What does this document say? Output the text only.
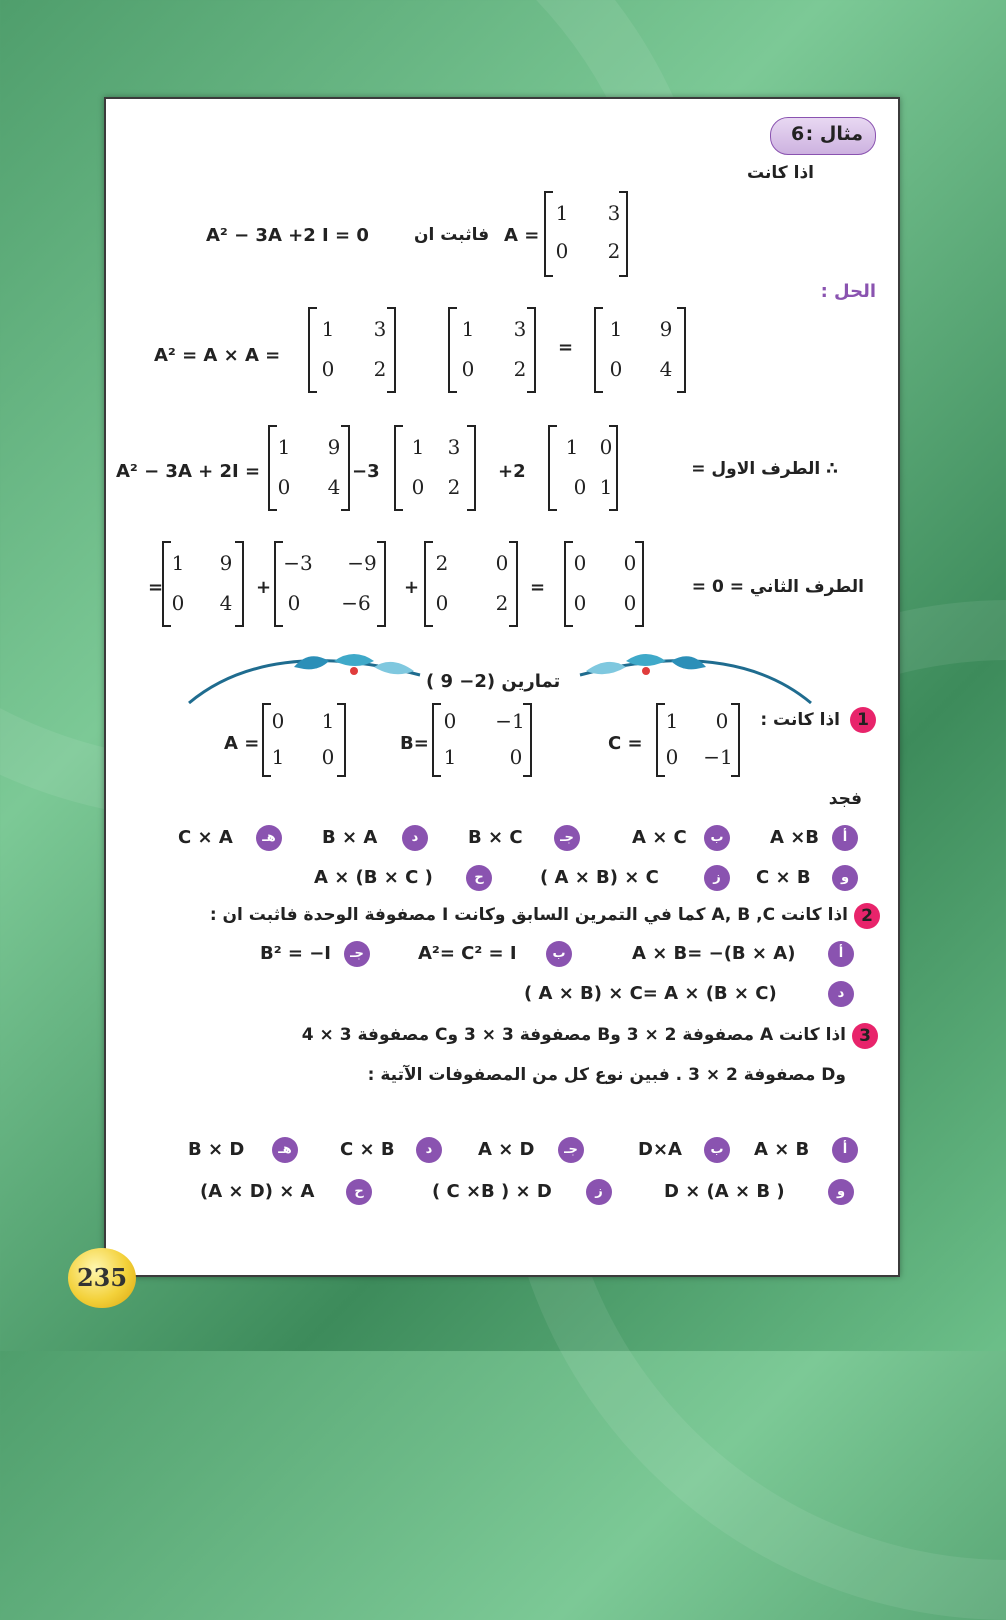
مثال :
6
اذا كانت
A² − 3A +2 I = 0	فاثبت ان A =
1 3
0 2
الحل :
A² = A × A =
1 3
0 2
1 3
0 2
=
1 9
0 4
A² − 3A + 2I =
1 9
0 4
−3
1 3
0 2
+2
1 0
0 1
∴ الطرف الاول =
=
1 9
0 4
+
−3 −9
0 −6
+
2 0
0 2
=
0 0
0 0
الطرف الثاني = 0 =
تمارين (2− 9 )
1
اذا كانت :
A =
0 1
1 0
B=
0 −1
1	0
C =
1 0
0 −1
فجد
أ
A ×B
ب
A × C
جـ
B × C
د
B × A
هـ
C × A
و
C × B
ز
( A × B) × C
ح
A × (B × C )
2
اذا كانت A, B ,C كما في التمرين السابق وكانت I مصفوفة الوحدة فاثبت ان :
أ
A × B= −(B × A)
ب
A²= C² = I
جـ
B² = −I
د
( A × B) × C= A × (B × C)
3
اذا كانت A مصفوفة 2 × 3 وB مصفوفة 3 × 3 وC مصفوفة 3 × 4
وD مصفوفة 2 × 3 . فبين نوع كل من المصفوفات الآتية :
أ
A × B
ب
D×A
جـ
A × D
د
C × B
هـ
B × D
و
D × (A × B )
ز
( C ×B ) × D
ح
(A × D) × A
235
